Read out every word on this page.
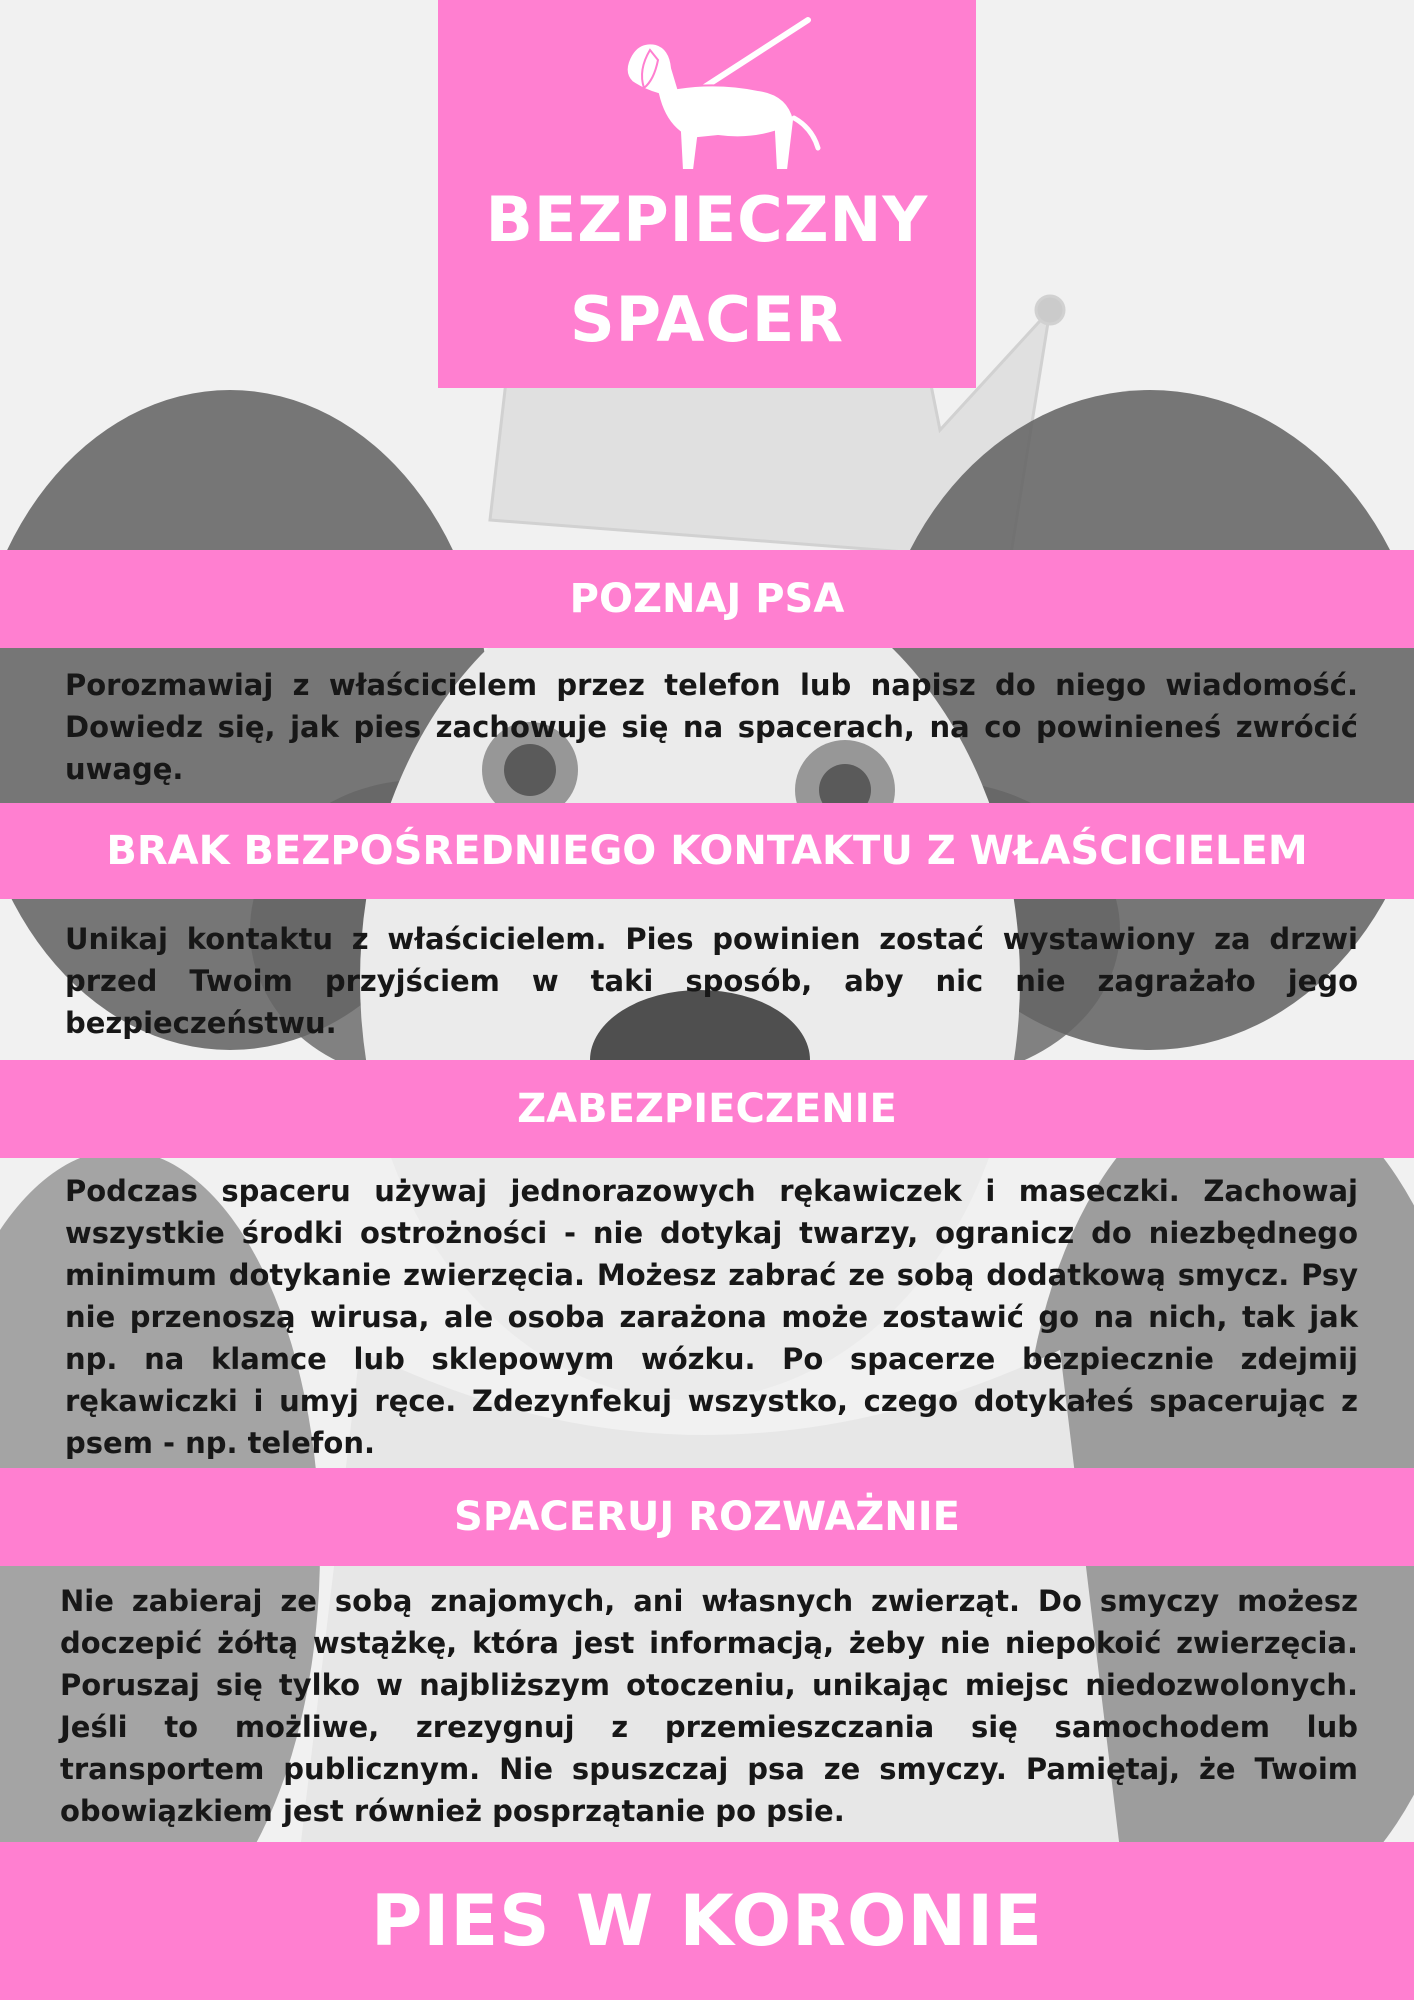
BEZPIECZNY
SPACER
POZNAJ PSA
Porozmawiaj z właścicielem przez telefon lub napisz do niego wiadomość. Dowiedz się, jak pies zachowuje się na spacerach, na co powinieneś zwrócić uwagę.
BRAK BEZPOŚREDNIEGO KONTAKTU Z WŁAŚCICIELEM
Unikaj kontaktu z właścicielem. Pies powinien zostać wystawiony za drzwi przed Twoim przyjściem w taki sposób, aby nic nie zagrażało jego bezpieczeństwu.
ZABEZPIECZENIE
Podczas spaceru używaj jednorazowych rękawiczek i maseczki. Zachowaj wszystkie środki ostrożności - nie dotykaj twarzy, ogranicz do niezbędnego minimum dotykanie zwierzęcia. Możesz zabrać ze sobą dodatkową smycz. Psy nie przenoszą wirusa, ale osoba zarażona może zostawić go na nich, tak jak np. na klamce lub sklepowym wózku. Po spacerze bezpiecznie zdejmij rękawiczki i umyj ręce. Zdezynfekuj wszystko, czego dotykałeś spacerując z psem - np. telefon.
SPACERUJ ROZWAŻNIE
Nie zabieraj ze sobą znajomych, ani własnych zwierząt. Do smyczy możesz doczepić żółtą wstążkę, która jest informacją, żeby nie niepokoić zwierzęcia. Poruszaj się tylko w najbliższym otoczeniu, unikając miejsc niedozwolonych. Jeśli to możliwe, zrezygnuj z przemieszczania się samochodem lub transportem publicznym. Nie spuszczaj psa ze smyczy. Pamiętaj, że Twoim obowiązkiem jest również posprzątanie po psie.
PIES W KORONIE
